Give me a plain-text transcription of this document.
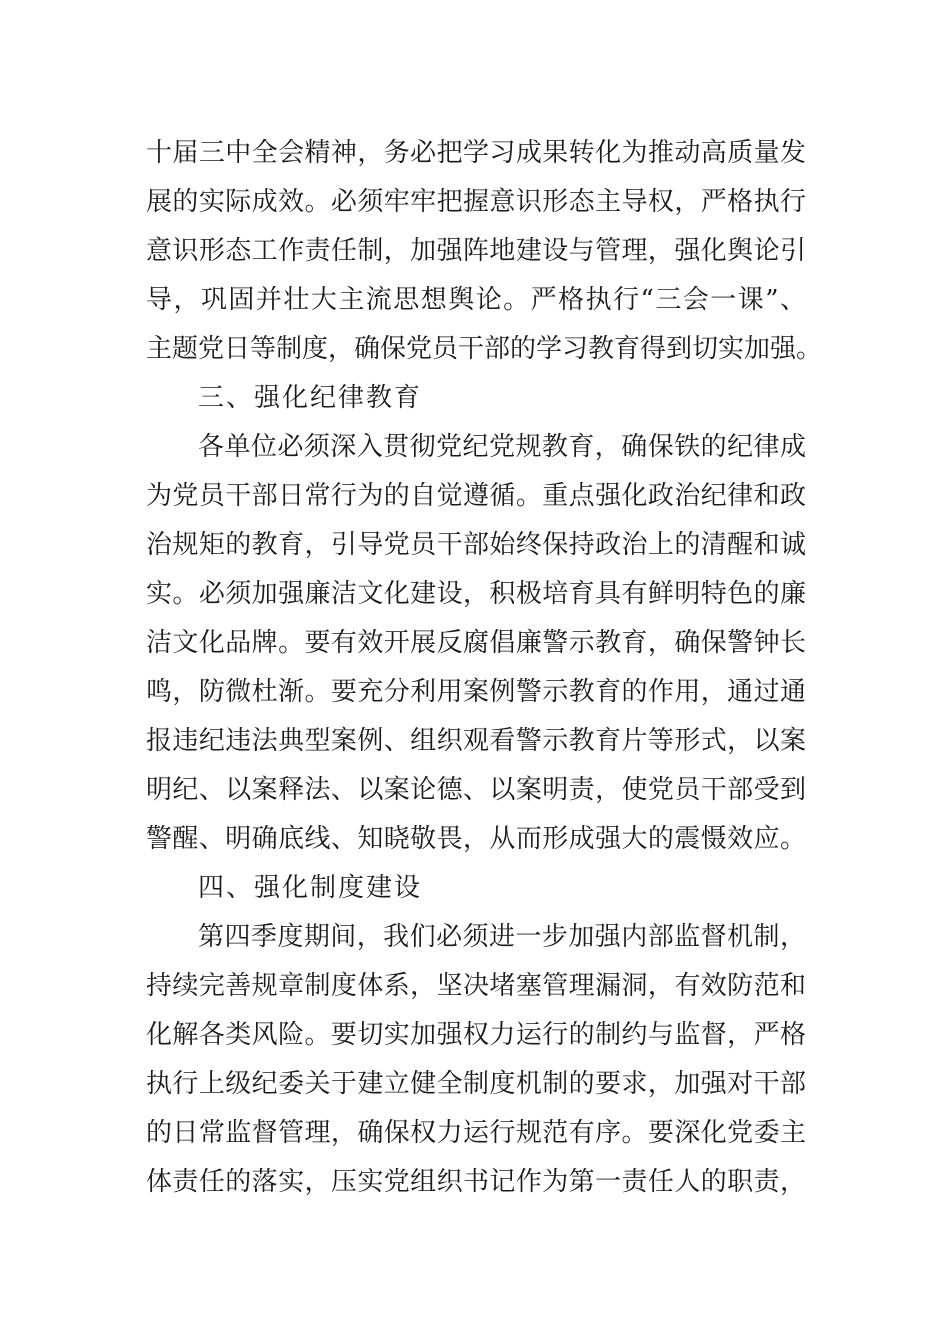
十届三中全会精神，务必把学习成果转化为推动高质量发
展的实际成效。必须牢牢把握意识形态主导权，严格执行
意识形态工作责任制，加强阵地建设与管理，强化舆论引
导，巩固并壮大主流思想舆论。严格执行“三会一课”、
主题党日等制度，确保党员干部的学习教育得到切实加强。
三、强化纪律教育
各单位必须深入贯彻党纪党规教育，确保铁的纪律成
为党员干部日常行为的自觉遵循。重点强化政治纪律和政
治规矩的教育，引导党员干部始终保持政治上的清醒和诚
实。必须加强廉洁文化建设，积极培育具有鲜明特色的廉
洁文化品牌。要有效开展反腐倡廉警示教育，确保警钟长
鸣，防微杜渐。要充分利用案例警示教育的作用，通过通
报违纪违法典型案例、组织观看警示教育片等形式，以案
明纪、以案释法、以案论德、以案明责，使党员干部受到
警醒、明确底线、知晓敬畏，从而形成强大的震慑效应。
四、强化制度建设
第四季度期间，我们必须进一步加强内部监督机制，
持续完善规章制度体系，坚决堵塞管理漏洞，有效防范和
化解各类风险。要切实加强权力运行的制约与监督，严格
执行上级纪委关于建立健全制度机制的要求，加强对干部
的日常监督管理，确保权力运行规范有序。要深化党委主
体责任的落实，压实党组织书记作为第一责任人的职责，
